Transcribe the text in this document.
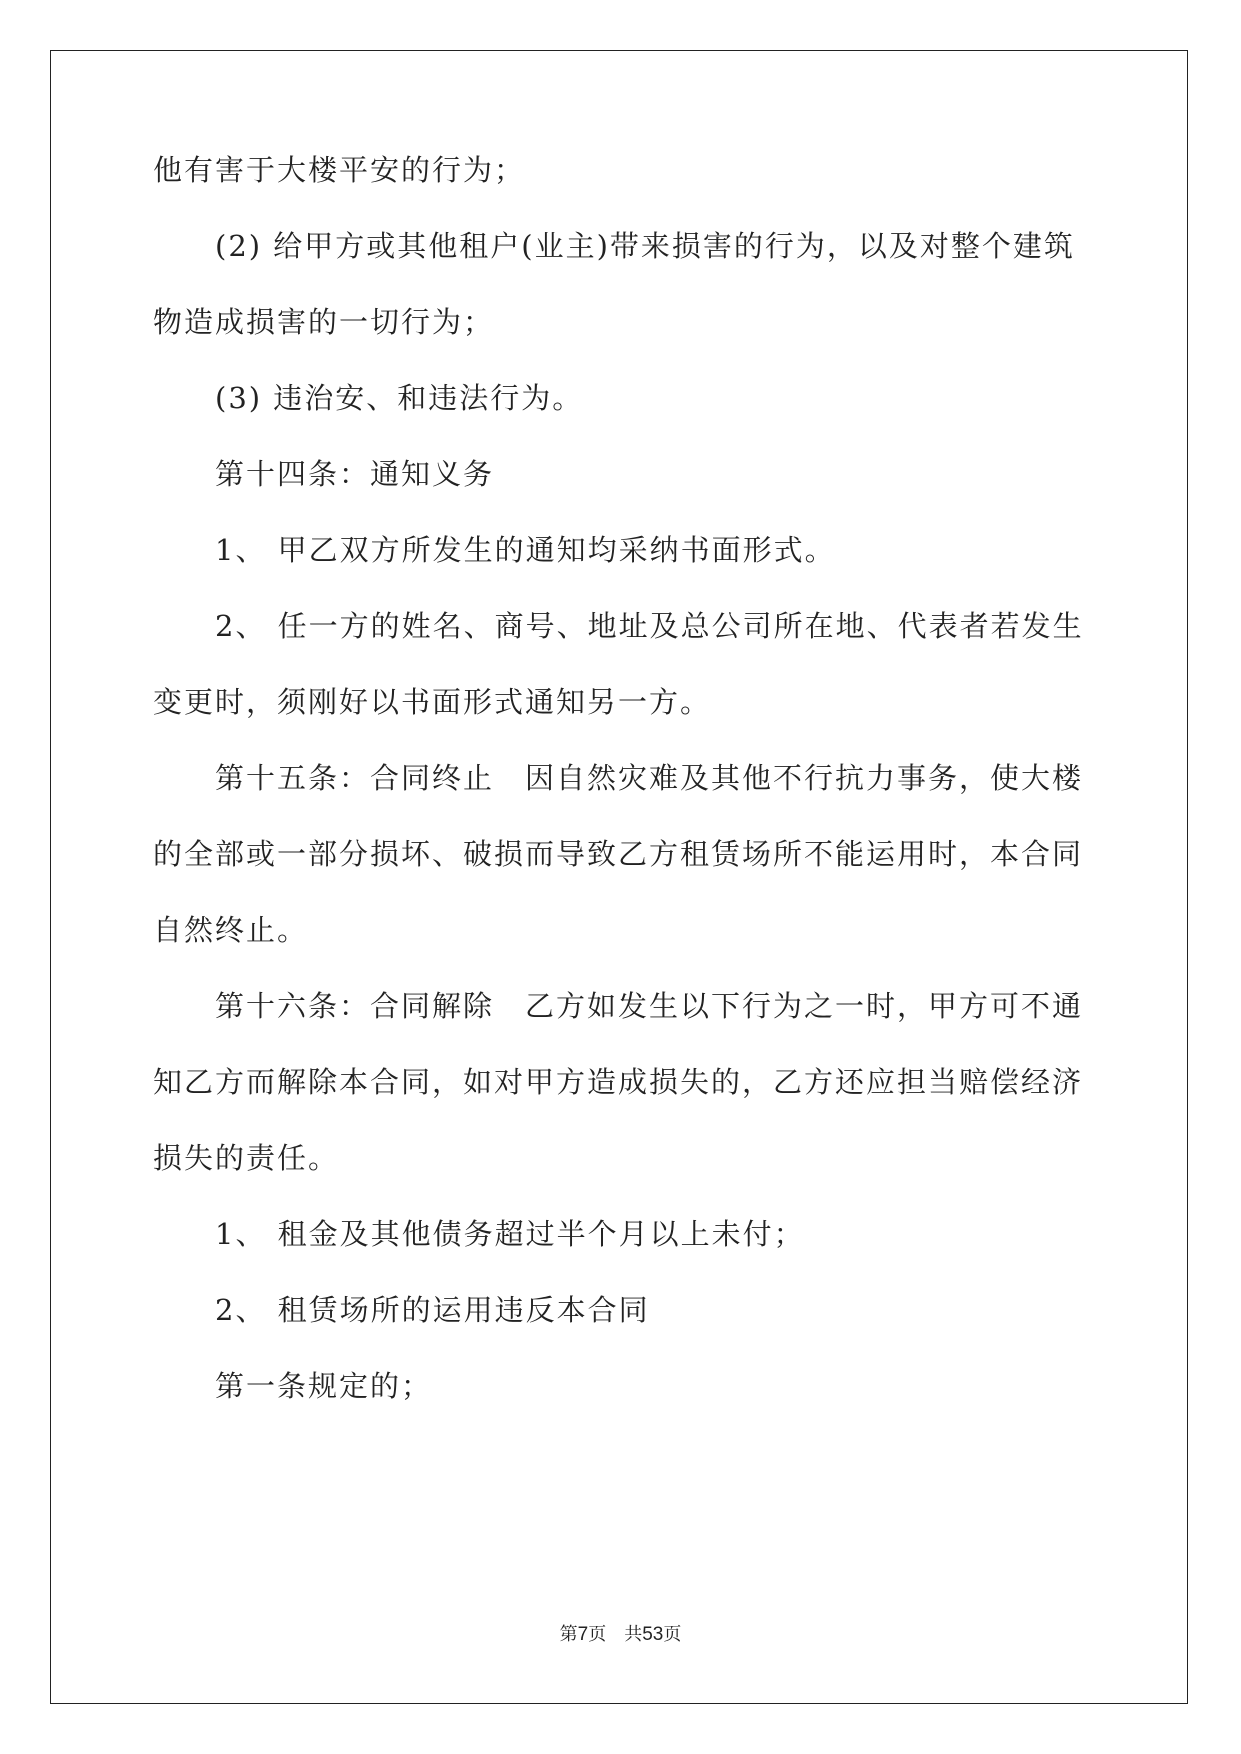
他有害于大楼平安的行为；
(2) 给甲方或其他租户(业主)带来损害的行为，以及对整个建筑
物造成损害的一切行为；
(3) 违治安、和违法行为。
第十四条：通知义务
1、 甲乙双方所发生的通知均采纳书面形式。
2、 任一方的姓名、商号、地址及总公司所在地、代表者若发生
变更时，须刚好以书面形式通知另一方。
第十五条：合同终止　因自然灾难及其他不行抗力事务，使大楼
的全部或一部分损坏、破损而导致乙方租赁场所不能运用时，本合同
自然终止。
第十六条：合同解除　乙方如发生以下行为之一时，甲方可不通
知乙方而解除本合同，如对甲方造成损失的，乙方还应担当赔偿经济
损失的责任。
1、 租金及其他债务超过半个月以上未付；
2、 租赁场所的运用违反本合同
第一条规定的；
第7页　共53页
